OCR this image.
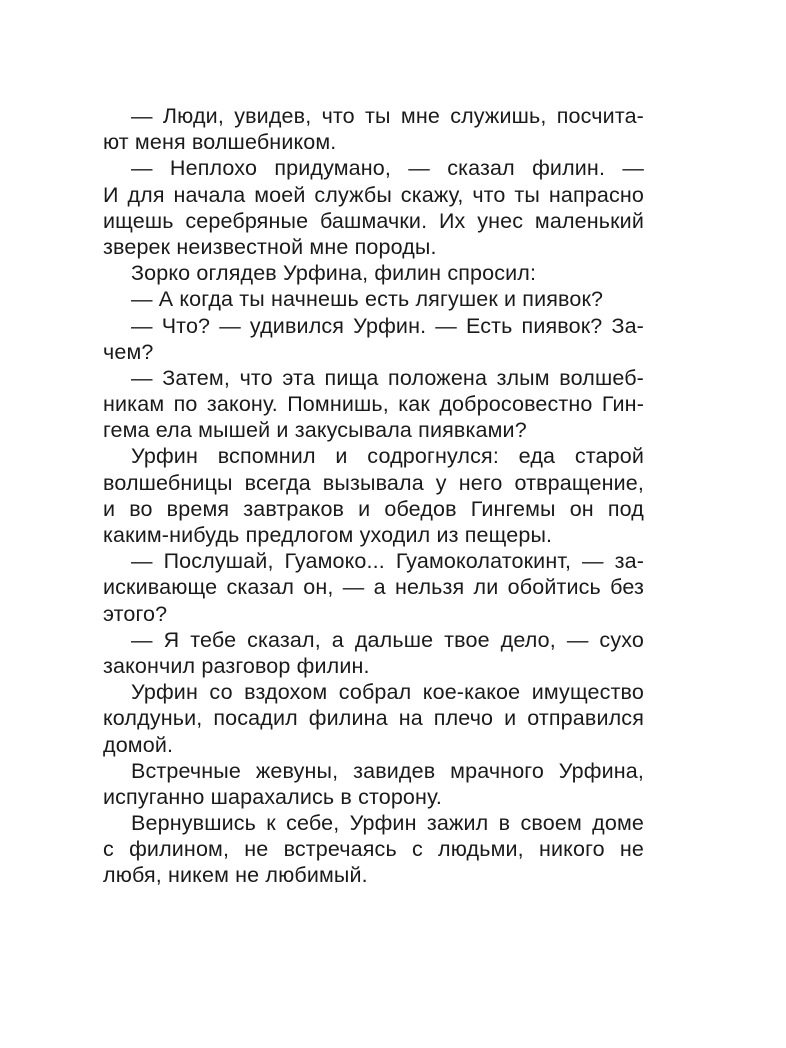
— Люди, увидев, что ты мне служишь, посчита-
ют меня волшебником.
— Неплохо придумано, — сказал филин. —
И для начала моей службы скажу, что ты напрасно
ищешь серебряные башмачки. Их унес маленький
зверек неизвестной мне породы.
Зорко оглядев Урфина, филин спросил:
— А когда ты начнешь есть лягушек и пиявок?
— Что? — удивился Урфин. — Есть пиявок? За-
чем?
— Затем, что эта пища положена злым волшеб-
никам по закону. Помнишь, как добросовестно Гин-
гема ела мышей и закусывала пиявками?
Урфин вспомнил и содрогнулся: еда старой
волшебницы всегда вызывала у него отвращение,
и во время завтраков и обедов Гингемы он под
каким-нибудь предлогом уходил из пещеры.
— Послушай, Гуамоко... Гуамоколатокинт, — за-
искивающе сказал он, — а нельзя ли обойтись без
этого?
— Я тебе сказал, а дальше твое дело, — сухо
закончил разговор филин.
Урфин со вздохом собрал кое-какое имущество
колдуньи, посадил филина на плечо и отправился
домой.
Встречные жевуны, завидев мрачного Урфина,
испуганно шарахались в сторону.
Вернувшись к себе, Урфин зажил в своем доме
с филином, не встречаясь с людьми, никого не
любя, никем не любимый.
